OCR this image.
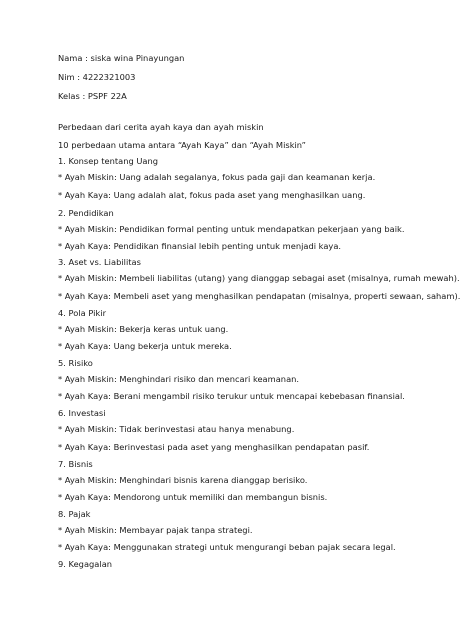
Nama : siska wina Pinayungan
Nim : 4222321003
Kelas : PSPF 22A
Perbedaan dari cerita ayah kaya dan ayah miskin
10 perbedaan utama antara “Ayah Kaya” dan “Ayah Miskin”
1. Konsep tentang Uang
* Ayah Miskin: Uang adalah segalanya, fokus pada gaji dan keamanan kerja.
* Ayah Kaya: Uang adalah alat, fokus pada aset yang menghasilkan uang.
2. Pendidikan
* Ayah Miskin: Pendidikan formal penting untuk mendapatkan pekerjaan yang baik.
* Ayah Kaya: Pendidikan finansial lebih penting untuk menjadi kaya.
3. Aset vs. Liabilitas
* Ayah Miskin: Membeli liabilitas (utang) yang dianggap sebagai aset (misalnya, rumah mewah).
* Ayah Kaya: Membeli aset yang menghasilkan pendapatan (misalnya, properti sewaan, saham).
4. Pola Pikir
* Ayah Miskin: Bekerja keras untuk uang.
* Ayah Kaya: Uang bekerja untuk mereka.
5. Risiko
* Ayah Miskin: Menghindari risiko dan mencari keamanan.
* Ayah Kaya: Berani mengambil risiko terukur untuk mencapai kebebasan finansial.
6. Investasi
* Ayah Miskin: Tidak berinvestasi atau hanya menabung.
* Ayah Kaya: Berinvestasi pada aset yang menghasilkan pendapatan pasif.
7. Bisnis
* Ayah Miskin: Menghindari bisnis karena dianggap berisiko.
* Ayah Kaya: Mendorong untuk memiliki dan membangun bisnis.
8. Pajak
* Ayah Miskin: Membayar pajak tanpa strategi.
* Ayah Kaya: Menggunakan strategi untuk mengurangi beban pajak secara legal.
9. Kegagalan
